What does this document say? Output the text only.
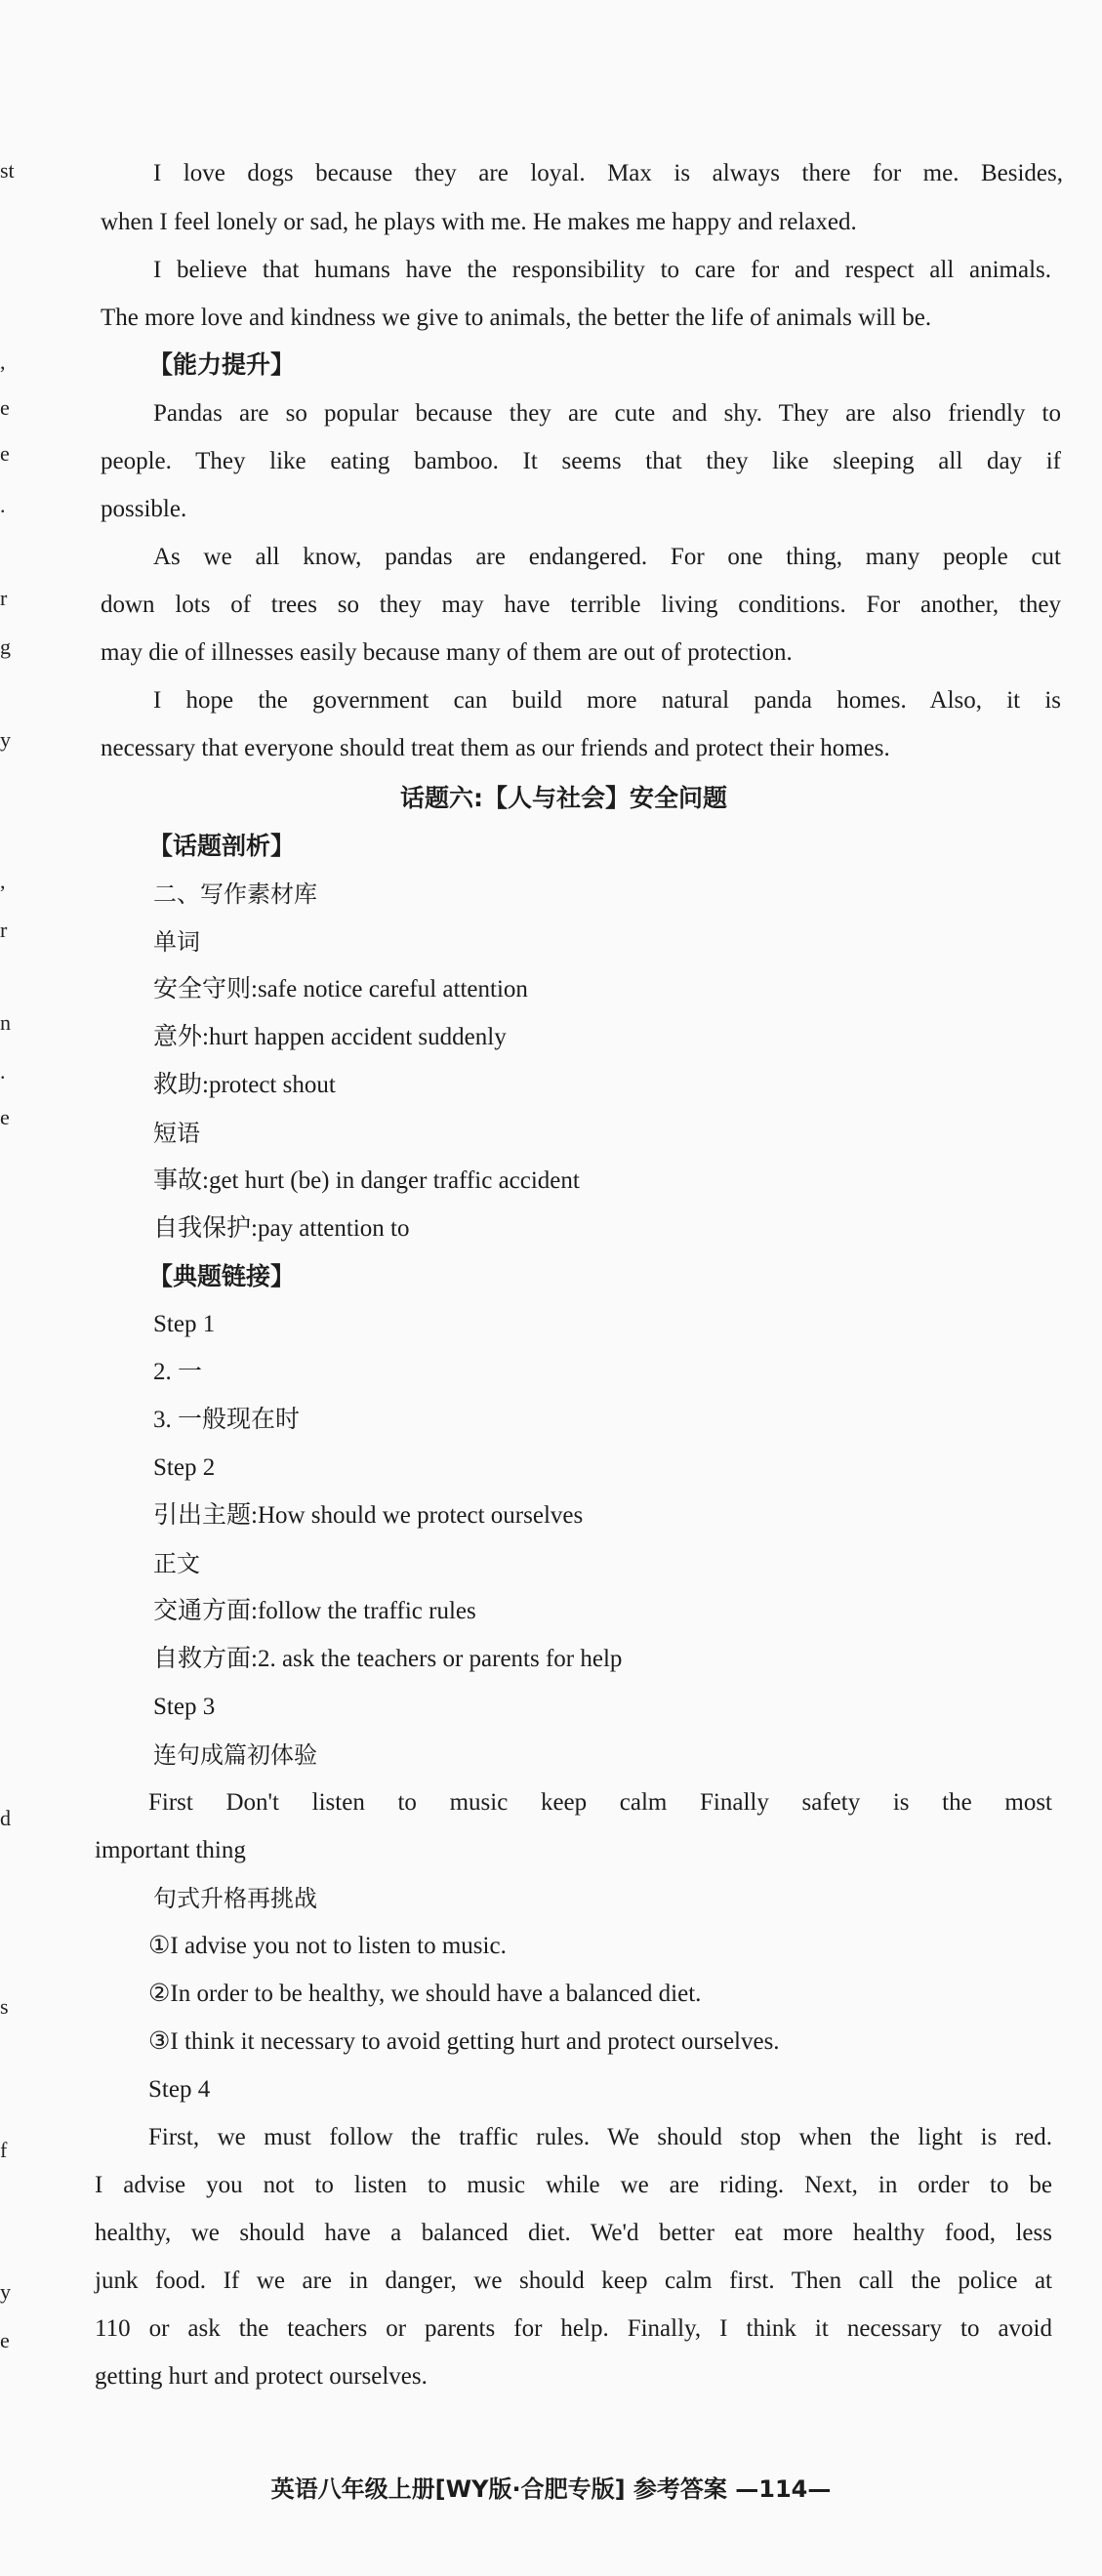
st
,
e
e
.
r
g
y
,
r
n
.
e
d
s
f
y
e
I love dogs because they are loyal. Max is always there for me. Besides,
when I feel lonely or sad, he plays with me. He makes me happy and relaxed.
I believe that humans have the responsibility to care for and respect all animals.
The more love and kindness we give to animals, the better the life of animals will be.
【能力提升】
Pandas are so popular because they are cute and shy. They are also friendly to
people. They like eating bamboo. It seems that they like sleeping all day if
possible.
As we all know, pandas are endangered. For one thing, many people cut
down lots of trees so they may have terrible living conditions. For another, they
may die of illnesses easily because many of them are out of protection.
I hope the government can build more natural panda homes. Also, it is
necessary that everyone should treat them as our friends and protect their homes.
话题六:【人与社会】安全问题
【话题剖析】
二、写作素材库
单词
安全守则:safe notice careful attention
意外:hurt happen accident suddenly
救助:protect shout
短语
事故:get hurt (be) in danger traffic accident
自我保护:pay attention to
【典题链接】
Step 1
2. 一
3. 一般现在时
Step 2
引出主题:How should we protect ourselves
正文
交通方面:follow the traffic rules
自救方面:2. ask the teachers or parents for help
Step 3
连句成篇初体验
First Don't listen to music keep calm Finally safety is the most
important thing
句式升格再挑战
①I advise you not to listen to music.
②In order to be healthy, we should have a balanced diet.
③I think it necessary to avoid getting hurt and protect ourselves.
Step 4
First, we must follow the traffic rules. We should stop when the light is red.
I advise you not to listen to music while we are riding. Next, in order to be
healthy, we should have a balanced diet. We'd better eat more healthy food, less
junk food. If we are in danger, we should keep calm first. Then call the police at
110 or ask the teachers or parents for help. Finally, I think it necessary to avoid
getting hurt and protect ourselves.
英语八年级上册[WY版·合肥专版] 参考答案 —114—
